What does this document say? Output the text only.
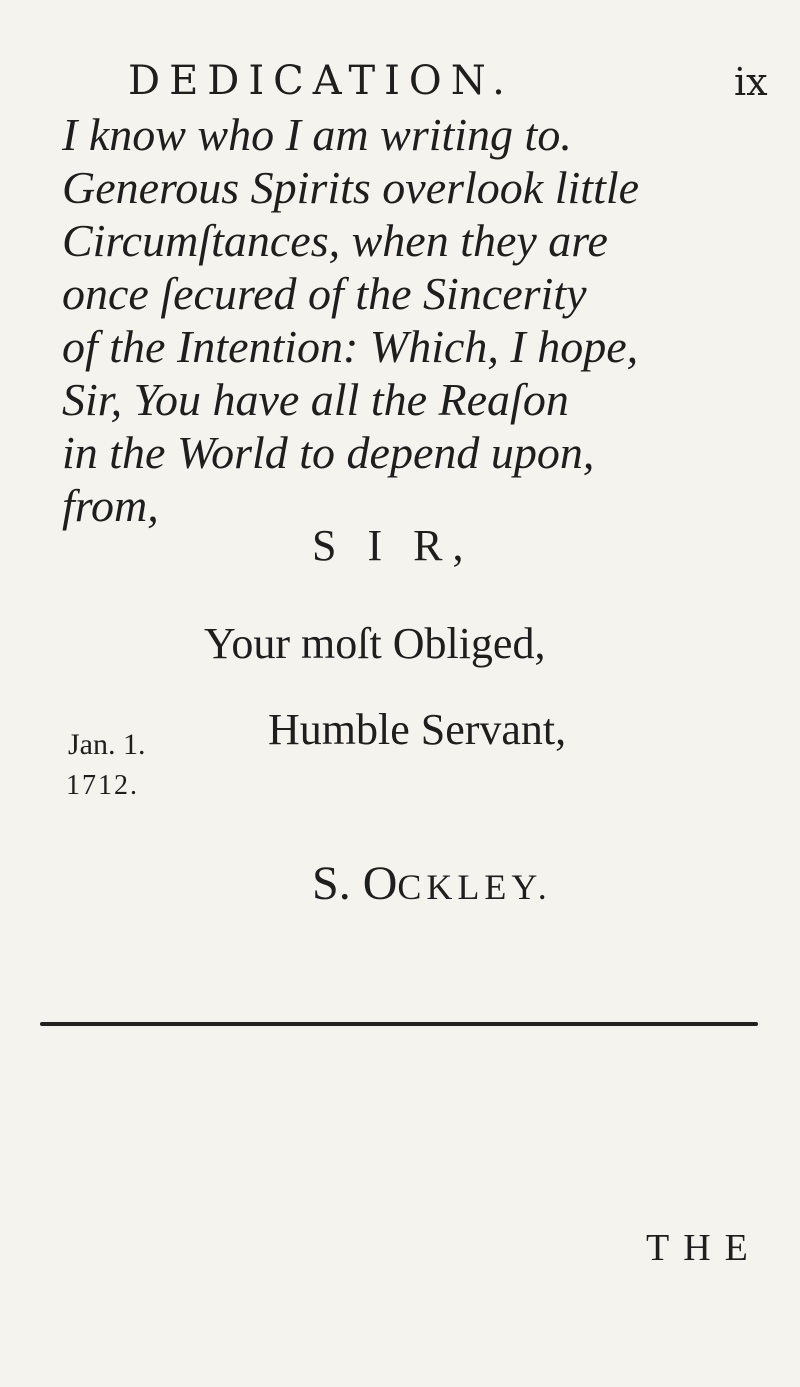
DEDICATION.	ix
I know who I am writing to.
Generous Spirits overlook little
Circumſtances, when they are
once ſecured of the Sincerity
of the Intention: Which, I hope,
Sir, You have all the Reaſon
in the World to depend upon,
from,
S I R,
Your moſt Obliged,
Humble Servant,
Jan. 1.
1712.
S. OCKLEY.
THE
